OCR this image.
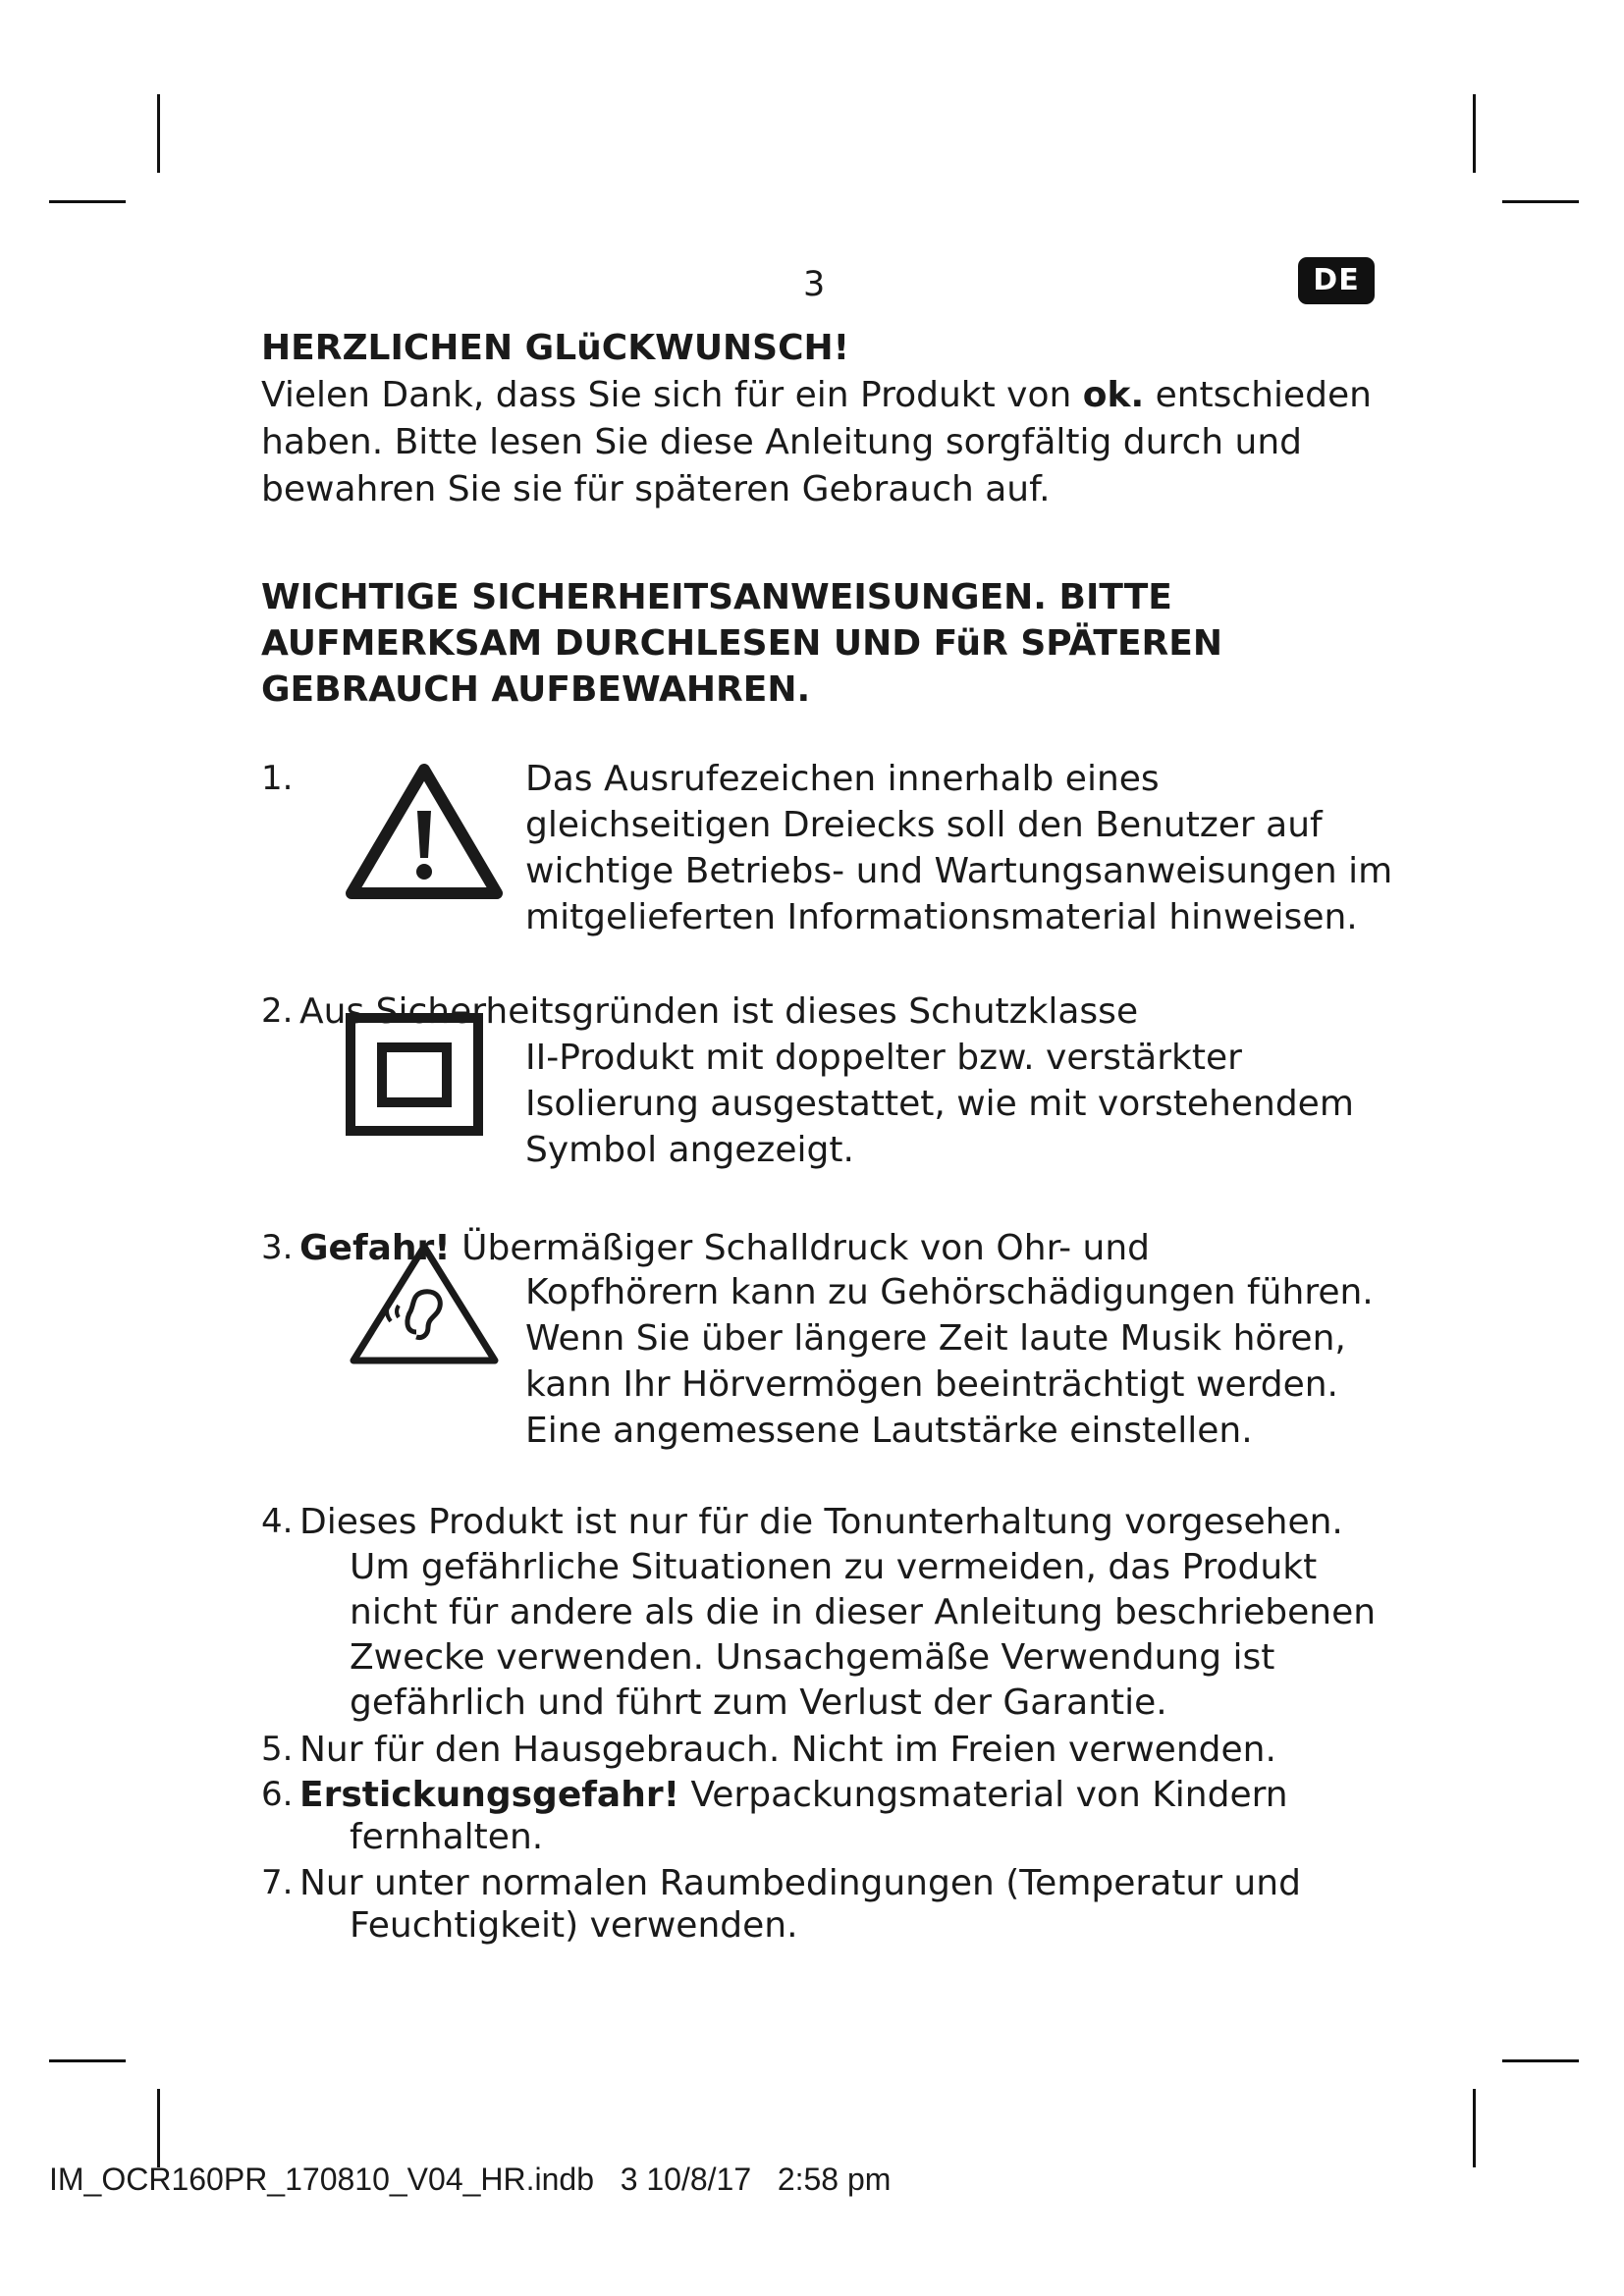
3	DE
HERZLICHEN GLüCKWUNSCH!
Vielen Dank, dass Sie sich für ein Produkt von ok. entschieden
haben. Bitte lesen Sie diese Anleitung sorgfältig durch und
bewahren Sie sie für späteren Gebrauch auf.
WICHTIGE SICHERHEITSANWEISUNGEN. BITTE
AUFMERKSAM DURCHLESEN UND FüR SPÄTEREN
GEBRAUCH AUFBEWAHREN.
1.	Das Ausrufezeichen innerhalb eines
gleichseitigen Dreiecks soll den Benutzer auf
wichtige Betriebs- und Wartungsanweisungen im
mitgelieferten Informationsmaterial hinweisen.
2. Aus Sicherheitsgründen ist dieses Schutzklasse
II-Produkt mit doppelter bzw. verstärkter
Isolierung ausgestattet, wie mit vorstehendem
Symbol angezeigt.
3. Gefahr! Übermäßiger Schalldruck von Ohr- und
Kopfhörern kann zu Gehörschädigungen führen.
Wenn Sie über längere Zeit laute Musik hören,
kann Ihr Hörvermögen beeinträchtigt werden.
Eine angemessene Lautstärke einstellen.
4. Dieses Produkt ist nur für die Tonunterhaltung vorgesehen.
Um gefährliche Situationen zu vermeiden, das Produkt
nicht für andere als die in dieser Anleitung beschriebenen
Zwecke verwenden. Unsachgemäße Verwendung ist
gefährlich und führt zum Verlust der Garantie.
5. Nur für den Hausgebrauch. Nicht im Freien verwenden.
6. Erstickungsgefahr! Verpackungsmaterial von Kindern
fernhalten.
7. Nur unter normalen Raumbedingungen (Temperatur und
Feuchtigkeit) verwenden.
IM_OCR160PR_170810_V04_HR.indb   3 10/8/17   2:58 pm
